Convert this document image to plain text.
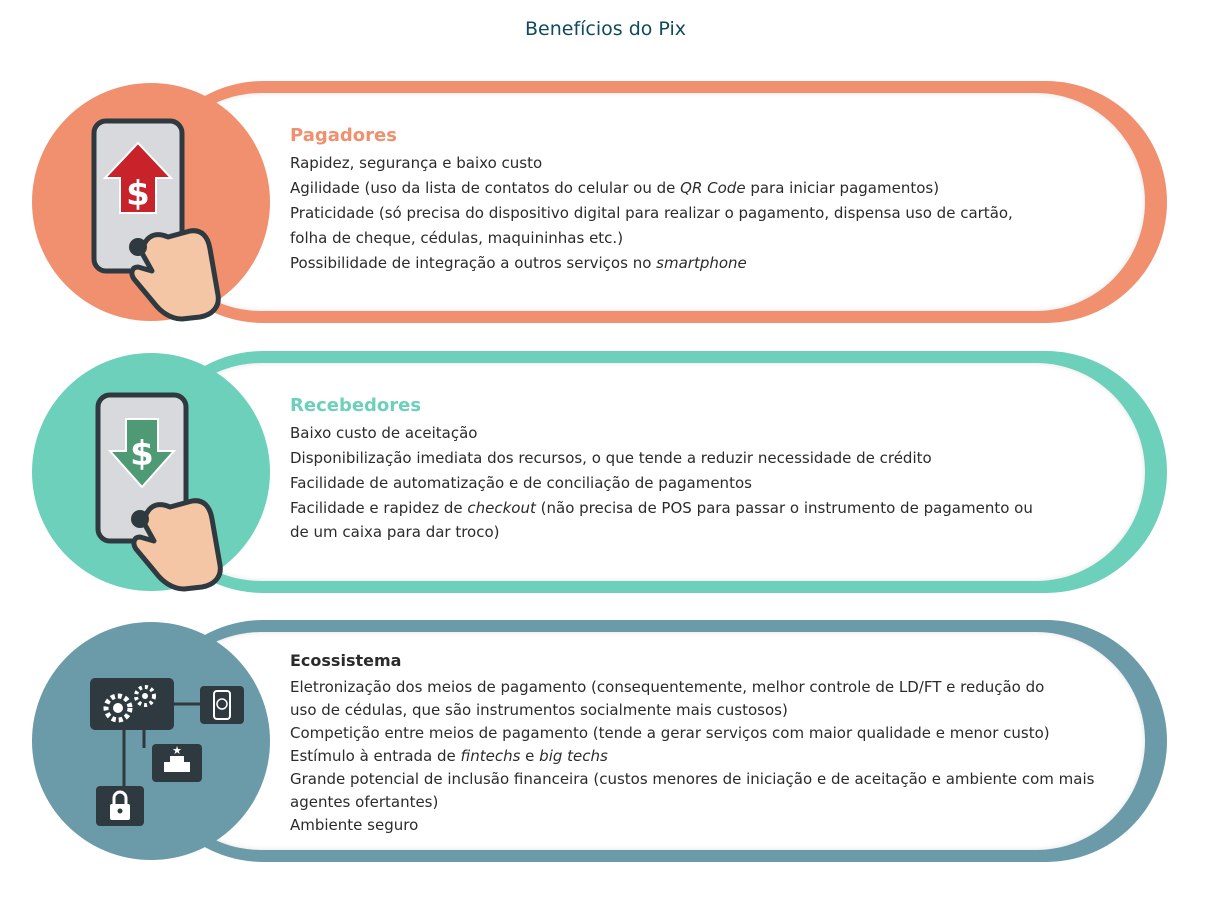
Benefícios do Pix
$
Pagadores
Rapidez, segurança e baixo custo
Agilidade (uso da lista de contatos do celular ou de QR Code para iniciar pagamentos)
Praticidade (só precisa do dispositivo digital para realizar o pagamento, dispensa uso de cartão,
folha de cheque, cédulas, maquininhas etc.)
Possibilidade de integração a outros serviços no smartphone
$
Recebedores
Baixo custo de aceitação
Disponibilização imediata dos recursos, o que tende a reduzir necessidade de crédito
Facilidade de automatização e de conciliação de pagamentos
Facilidade e rapidez de checkout (não precisa de POS para passar o instrumento de pagamento ou
de um caixa para dar troco)
★
Ecossistema
Eletronização dos meios de pagamento (consequentemente, melhor controle de LD/FT e redução do
uso de cédulas, que são instrumentos socialmente mais custosos)
Competição entre meios de pagamento (tende a gerar serviços com maior qualidade e menor custo)
Estímulo à entrada de fintechs e big techs
Grande potencial de inclusão financeira (custos menores de iniciação e de aceitação e ambiente com mais
agentes ofertantes)
Ambiente seguro
